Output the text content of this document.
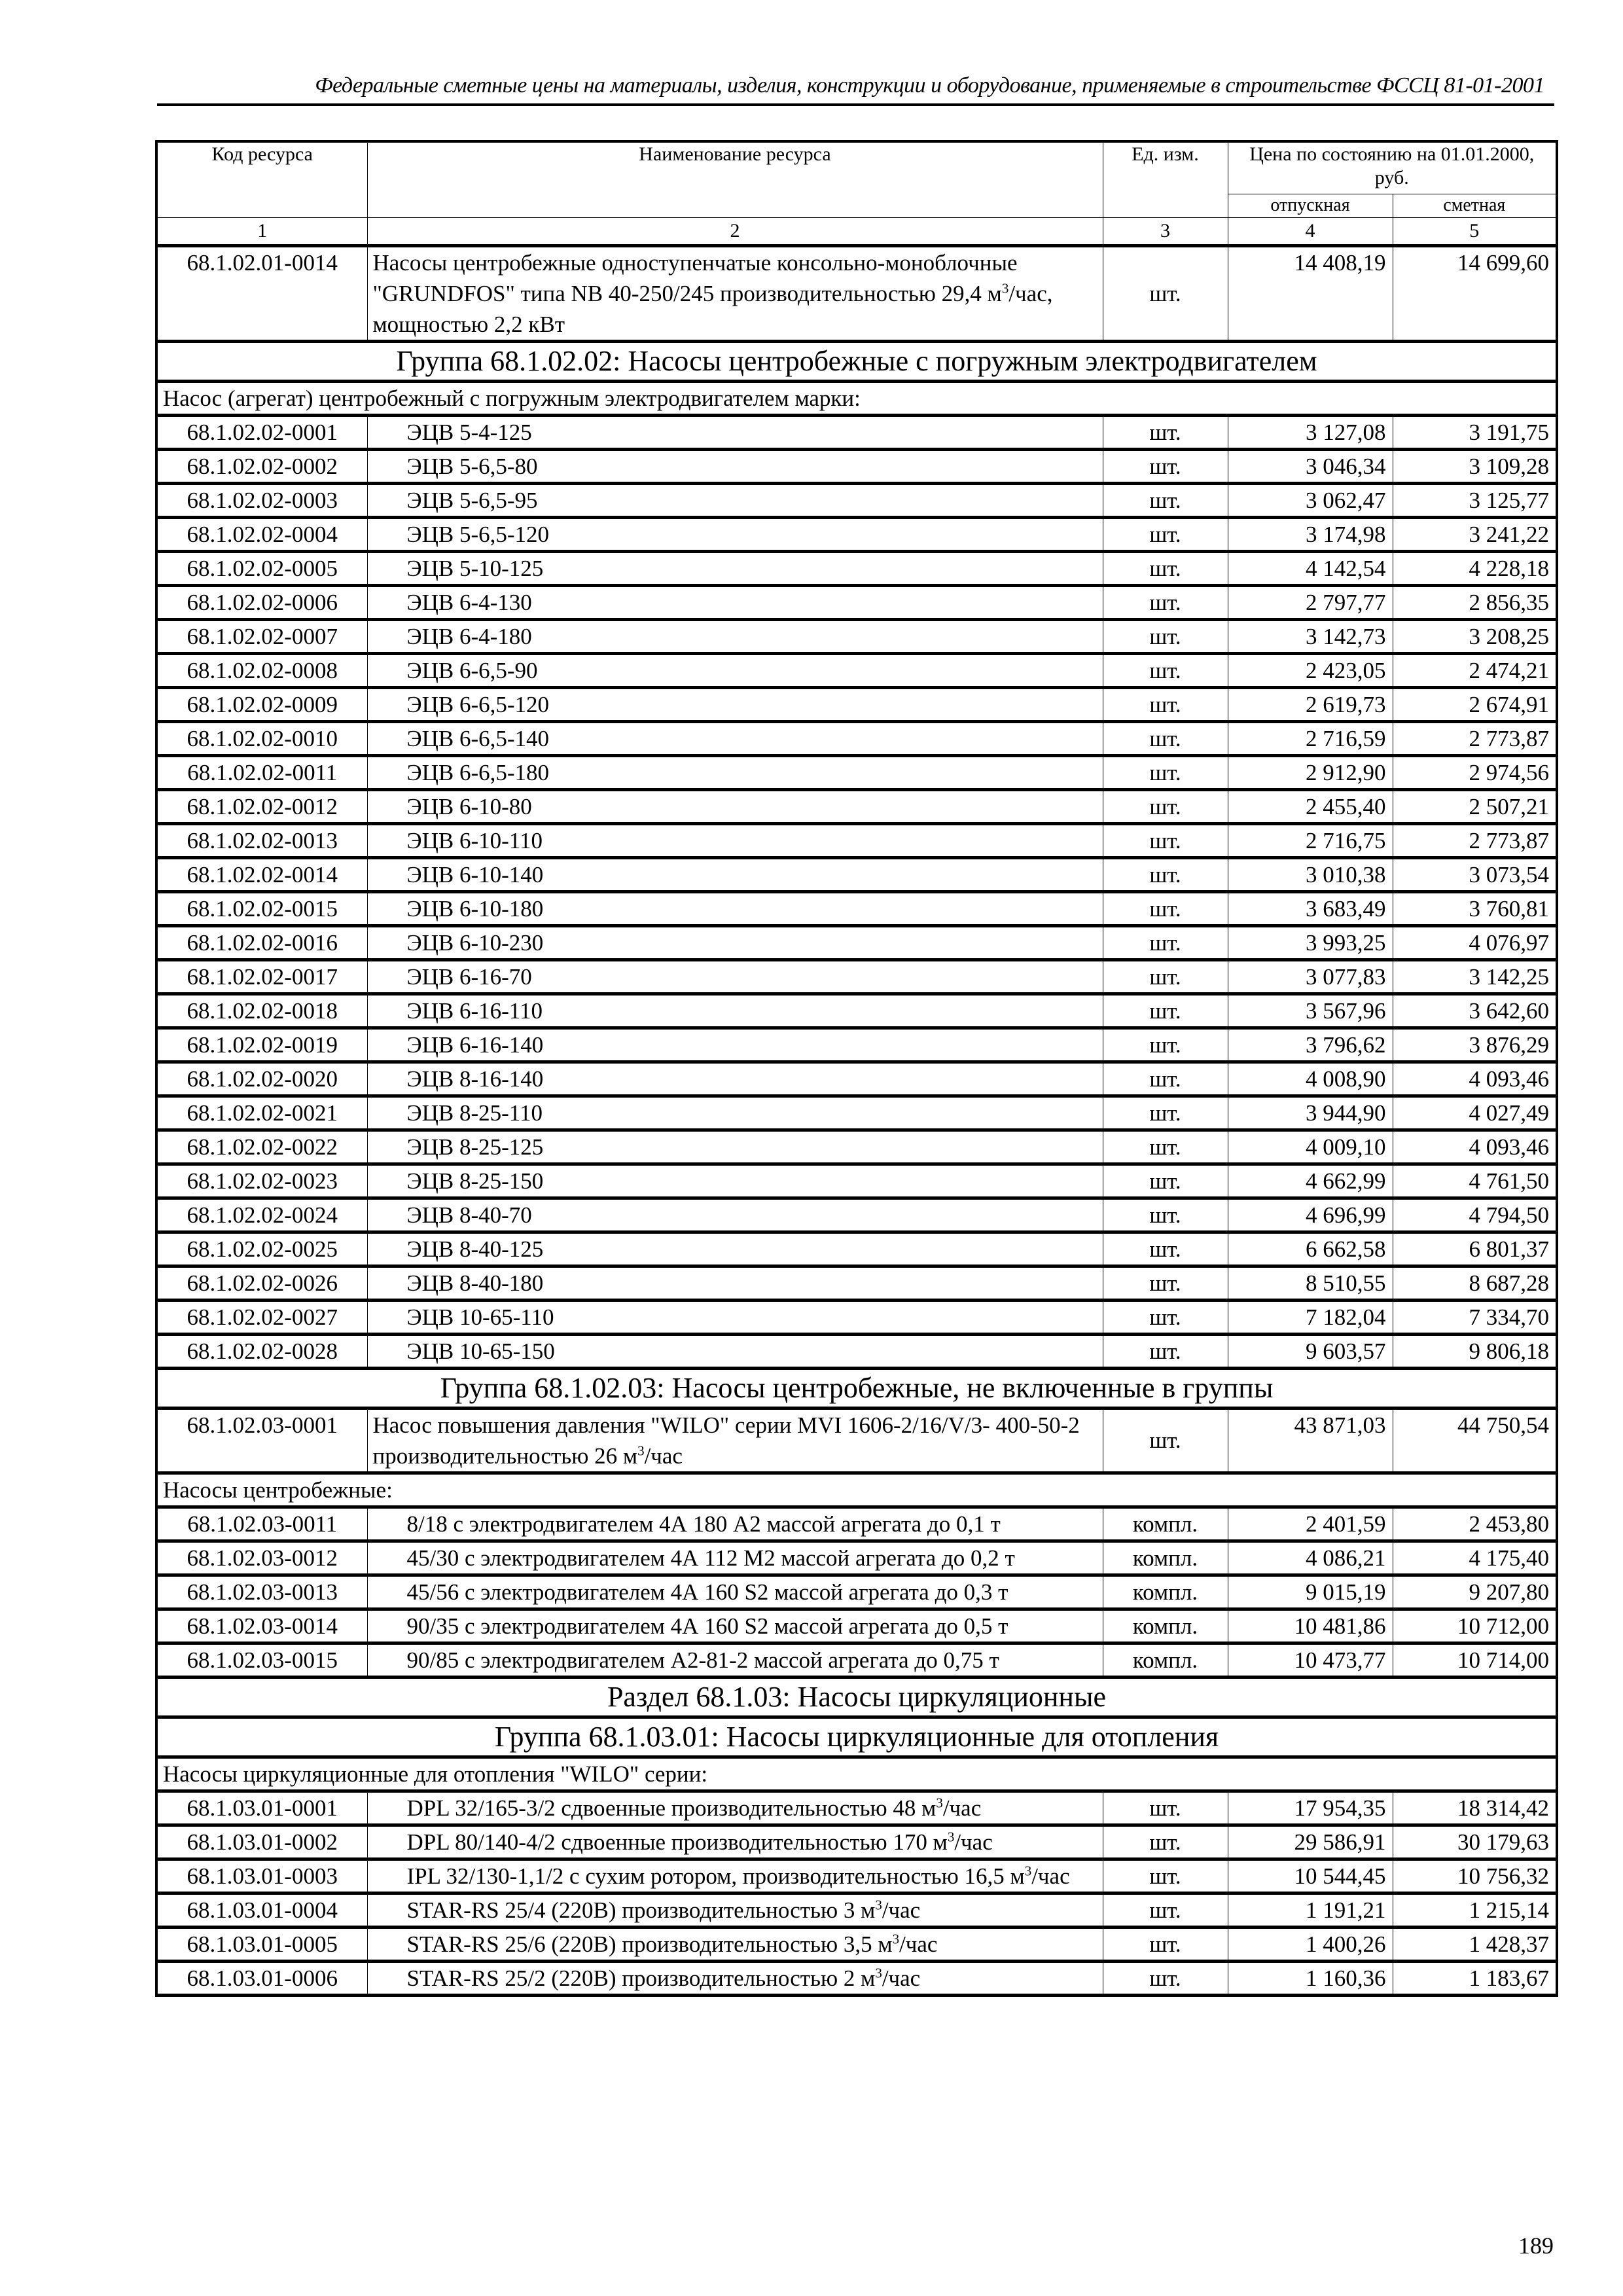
Федеральные сметные цены на материалы, изделия, конструкции и оборудование, применяемые в строительстве ФССЦ 81-01-2001
Код ресурса	Наименование ресурса	Ед. изм.	Цена по состоянию на 01.01.2000, руб.	
			отпускная	сметная
1	2	3	4	5
68.1.02.01-0014	Насосы центробежные одноступенчатые консольно-моноблочные "GRUNDFOS" типа NB 40-250/245 производительностью 29,4 $м^3$/час, мощностью 2,2 кВт	шт.	14 408,19	14 699,60
Группа 68.1.02.02: Насосы центробежные с погружным электродвигателем				
Насос (агрегат) центробежный с погружным электродвигателем марки:				
68.1.02.02-0001	ЭЦВ 5-4-125	шт.	3 127,08	3 191,75
68.1.02.02-0002	ЭЦВ 5-6,5-80	шт.	3 046,34	3 109,28
68.1.02.02-0003	ЭЦВ 5-6,5-95	шт.	3 062,47	3 125,77
68.1.02.02-0004	ЭЦВ 5-6,5-120	шт.	3 174,98	3 241,22
68.1.02.02-0005	ЭЦВ 5-10-125	шт.	4 142,54	4 228,18
68.1.02.02-0006	ЭЦВ 6-4-130	шт.	2 797,77	2 856,35
68.1.02.02-0007	ЭЦВ 6-4-180	шт.	3 142,73	3 208,25
68.1.02.02-0008	ЭЦВ 6-6,5-90	шт.	2 423,05	2 474,21
68.1.02.02-0009	ЭЦВ 6-6,5-120	шт.	2 619,73	2 674,91
68.1.02.02-0010	ЭЦВ 6-6,5-140	шт.	2 716,59	2 773,87
68.1.02.02-0011	ЭЦВ 6-6,5-180	шт.	2 912,90	2 974,56
68.1.02.02-0012	ЭЦВ 6-10-80	шт.	2 455,40	2 507,21
68.1.02.02-0013	ЭЦВ 6-10-110	шт.	2 716,75	2 773,87
68.1.02.02-0014	ЭЦВ 6-10-140	шт.	3 010,38	3 073,54
68.1.02.02-0015	ЭЦВ 6-10-180	шт.	3 683,49	3 760,81
68.1.02.02-0016	ЭЦВ 6-10-230	шт.	3 993,25	4 076,97
68.1.02.02-0017	ЭЦВ 6-16-70	шт.	3 077,83	3 142,25
68.1.02.02-0018	ЭЦВ 6-16-110	шт.	3 567,96	3 642,60
68.1.02.02-0019	ЭЦВ 6-16-140	шт.	3 796,62	3 876,29
68.1.02.02-0020	ЭЦВ 8-16-140	шт.	4 008,90	4 093,46
68.1.02.02-0021	ЭЦВ 8-25-110	шт.	3 944,90	4 027,49
68.1.02.02-0022	ЭЦВ 8-25-125	шт.	4 009,10	4 093,46
68.1.02.02-0023	ЭЦВ 8-25-150	шт.	4 662,99	4 761,50
68.1.02.02-0024	ЭЦВ 8-40-70	шт.	4 696,99	4 794,50
68.1.02.02-0025	ЭЦВ 8-40-125	шт.	6 662,58	6 801,37
68.1.02.02-0026	ЭЦВ 8-40-180	шт.	8 510,55	8 687,28
68.1.02.02-0027	ЭЦВ 10-65-110	шт.	7 182,04	7 334,70
68.1.02.02-0028	ЭЦВ 10-65-150	шт.	9 603,57	9 806,18
Группа 68.1.02.03: Насосы центробежные, не включенные в группы				
68.1.02.03-0001	Насос повышения давления "WILO" серии MVI 1606-2/16/V/3- 400-50-2 производительностью 26 $м^3$/час	шт.	43 871,03	44 750,54
Насосы центробежные:				
68.1.02.03-0011	8/18 с электродвигателем 4А 180 А2 массой агрегата до 0,1 т	компл.	2 401,59	2 453,80
68.1.02.03-0012	45/30 с электродвигателем 4А 112 М2 массой агрегата до 0,2 т	компл.	4 086,21	4 175,40
68.1.02.03-0013	45/56 с электродвигателем 4А 160 S2 массой агрегата до 0,3 т	компл.	9 015,19	9 207,80
68.1.02.03-0014	90/35 с электродвигателем 4А 160 S2 массой агрегата до 0,5 т	компл.	10 481,86	10 712,00
68.1.02.03-0015	90/85 с электродвигателем А2-81-2 массой агрегата до 0,75 т	компл.	10 473,77	10 714,00
Раздел 68.1.03: Насосы циркуляционные				
Группа 68.1.03.01: Насосы циркуляционные для отопления				
Насосы циркуляционные для отопления "WILO" серии:				
68.1.03.01-0001	DPL 32/165-3/2 сдвоенные производительностью 48 $м^3$/час	шт.	17 954,35	18 314,42
68.1.03.01-0002	DPL 80/140-4/2 сдвоенные производительностью 170 $м^3$/час	шт.	29 586,91	30 179,63
68.1.03.01-0003	IPL 32/130-1,1/2 с сухим ротором, производительностью 16,5 $м^3$/час	шт.	10 544,45	10 756,32
68.1.03.01-0004	STAR-RS 25/4 (220В) производительностью 3 $м^3$/час	шт.	1 191,21	1 215,14
68.1.03.01-0005	STAR-RS 25/6 (220В) производительностью 3,5 $м^3$/час	шт.	1 400,26	1 428,37
68.1.03.01-0006	STAR-RS 25/2 (220В) производительностью 2 $м^3$/час	шт.	1 160,36	1 183,67
189
